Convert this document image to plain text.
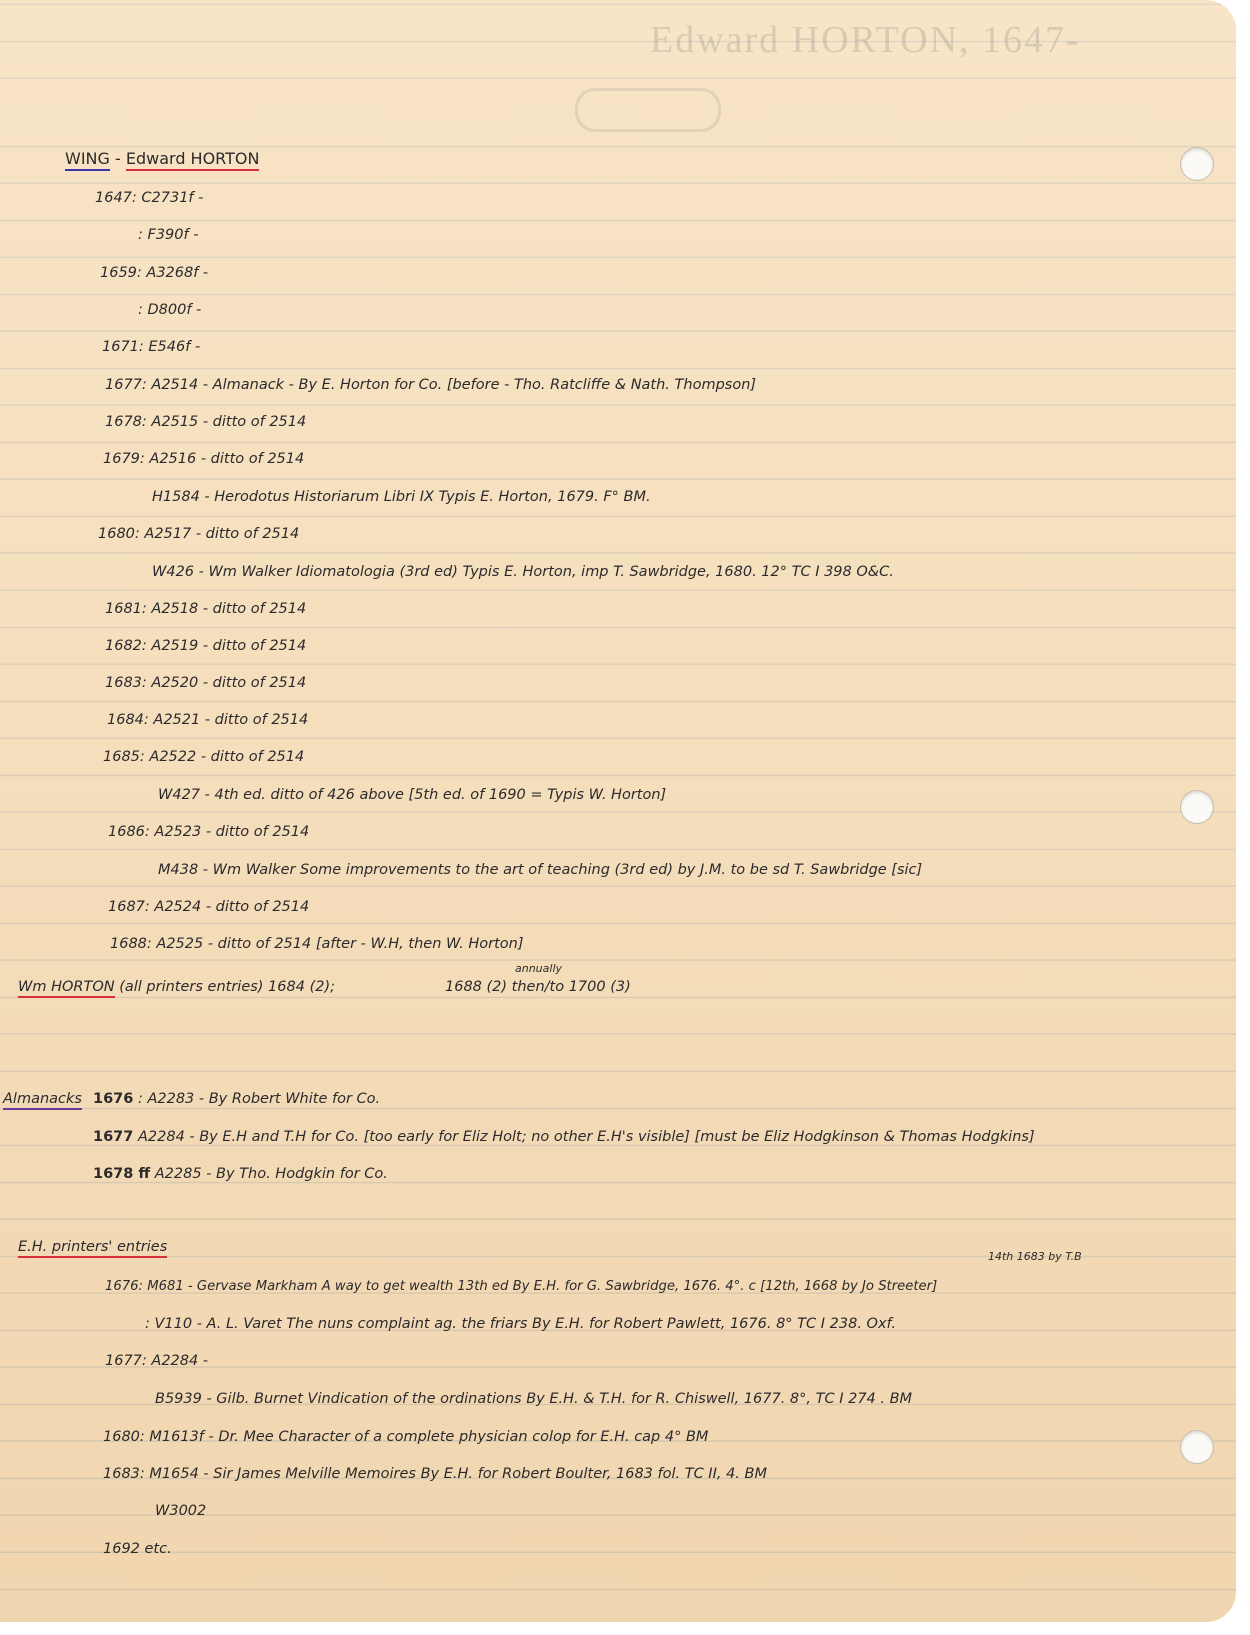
Edward HORTON, 1647-
WING - Edward HORTON
1647: C2731f -
: F390f -
1659: A3268f -
: D800f -
1671: E546f -
1677: A2514 - Almanack - By E. Horton for Co. [before - Tho. Ratcliffe & Nath. Thompson]
1678: A2515 - ditto of 2514
1679: A2516 - ditto of 2514
H1584 - Herodotus Historiarum Libri IX Typis E. Horton, 1679. F° BM.
1680: A2517 - ditto of 2514
W426 - Wm Walker Idiomatologia (3rd ed) Typis E. Horton, imp T. Sawbridge, 1680. 12° TC I 398 O&C.
1681: A2518 - ditto of 2514
1682: A2519 - ditto of 2514
1683: A2520 - ditto of 2514
1684: A2521 - ditto of 2514
1685: A2522 - ditto of 2514
W427 - 4th ed. ditto of 426 above [5th ed. of 1690 = Typis W. Horton]
1686: A2523 - ditto of 2514
M438 - Wm Walker Some improvements to the art of teaching (3rd ed) by J.M. to be sd T. Sawbridge [sic]
1687: A2524 - ditto of 2514
1688: A2525 - ditto of 2514 [after - W.H, then W. Horton]
Wm HORTON (all printers entries) 1684 (2);	1688 (2) then/to 1700 (3)
annually
Almanacks 1676 : A2283 - By Robert White for Co.
1677 A2284 - By E.H and T.H for Co. [too early for Eliz Holt; no other E.H's visible] [must be Eliz Hodgkinson & Thomas Hodgkins]
1678 ff A2285 - By Tho. Hodgkin for Co.
E.H. printers' entries
14th 1683 by T.B
1676: M681 - Gervase Markham A way to get wealth 13th ed By E.H. for G. Sawbridge, 1676. 4°. c [12th, 1668 by Jo Streeter]
: V110 - A. L. Varet The nuns complaint ag. the friars By E.H. for Robert Pawlett, 1676. 8° TC I 238. Oxf.
1677: A2284 -
B5939 - Gilb. Burnet Vindication of the ordinations By E.H. & T.H. for R. Chiswell, 1677. 8°, TC I 274 . BM
1680: M1613f - Dr. Mee Character of a complete physician colop for E.H. cap 4° BM
1683: M1654 - Sir James Melville Memoires By E.H. for Robert Boulter, 1683 fol. TC II, 4. BM
W3002
1692 etc.
